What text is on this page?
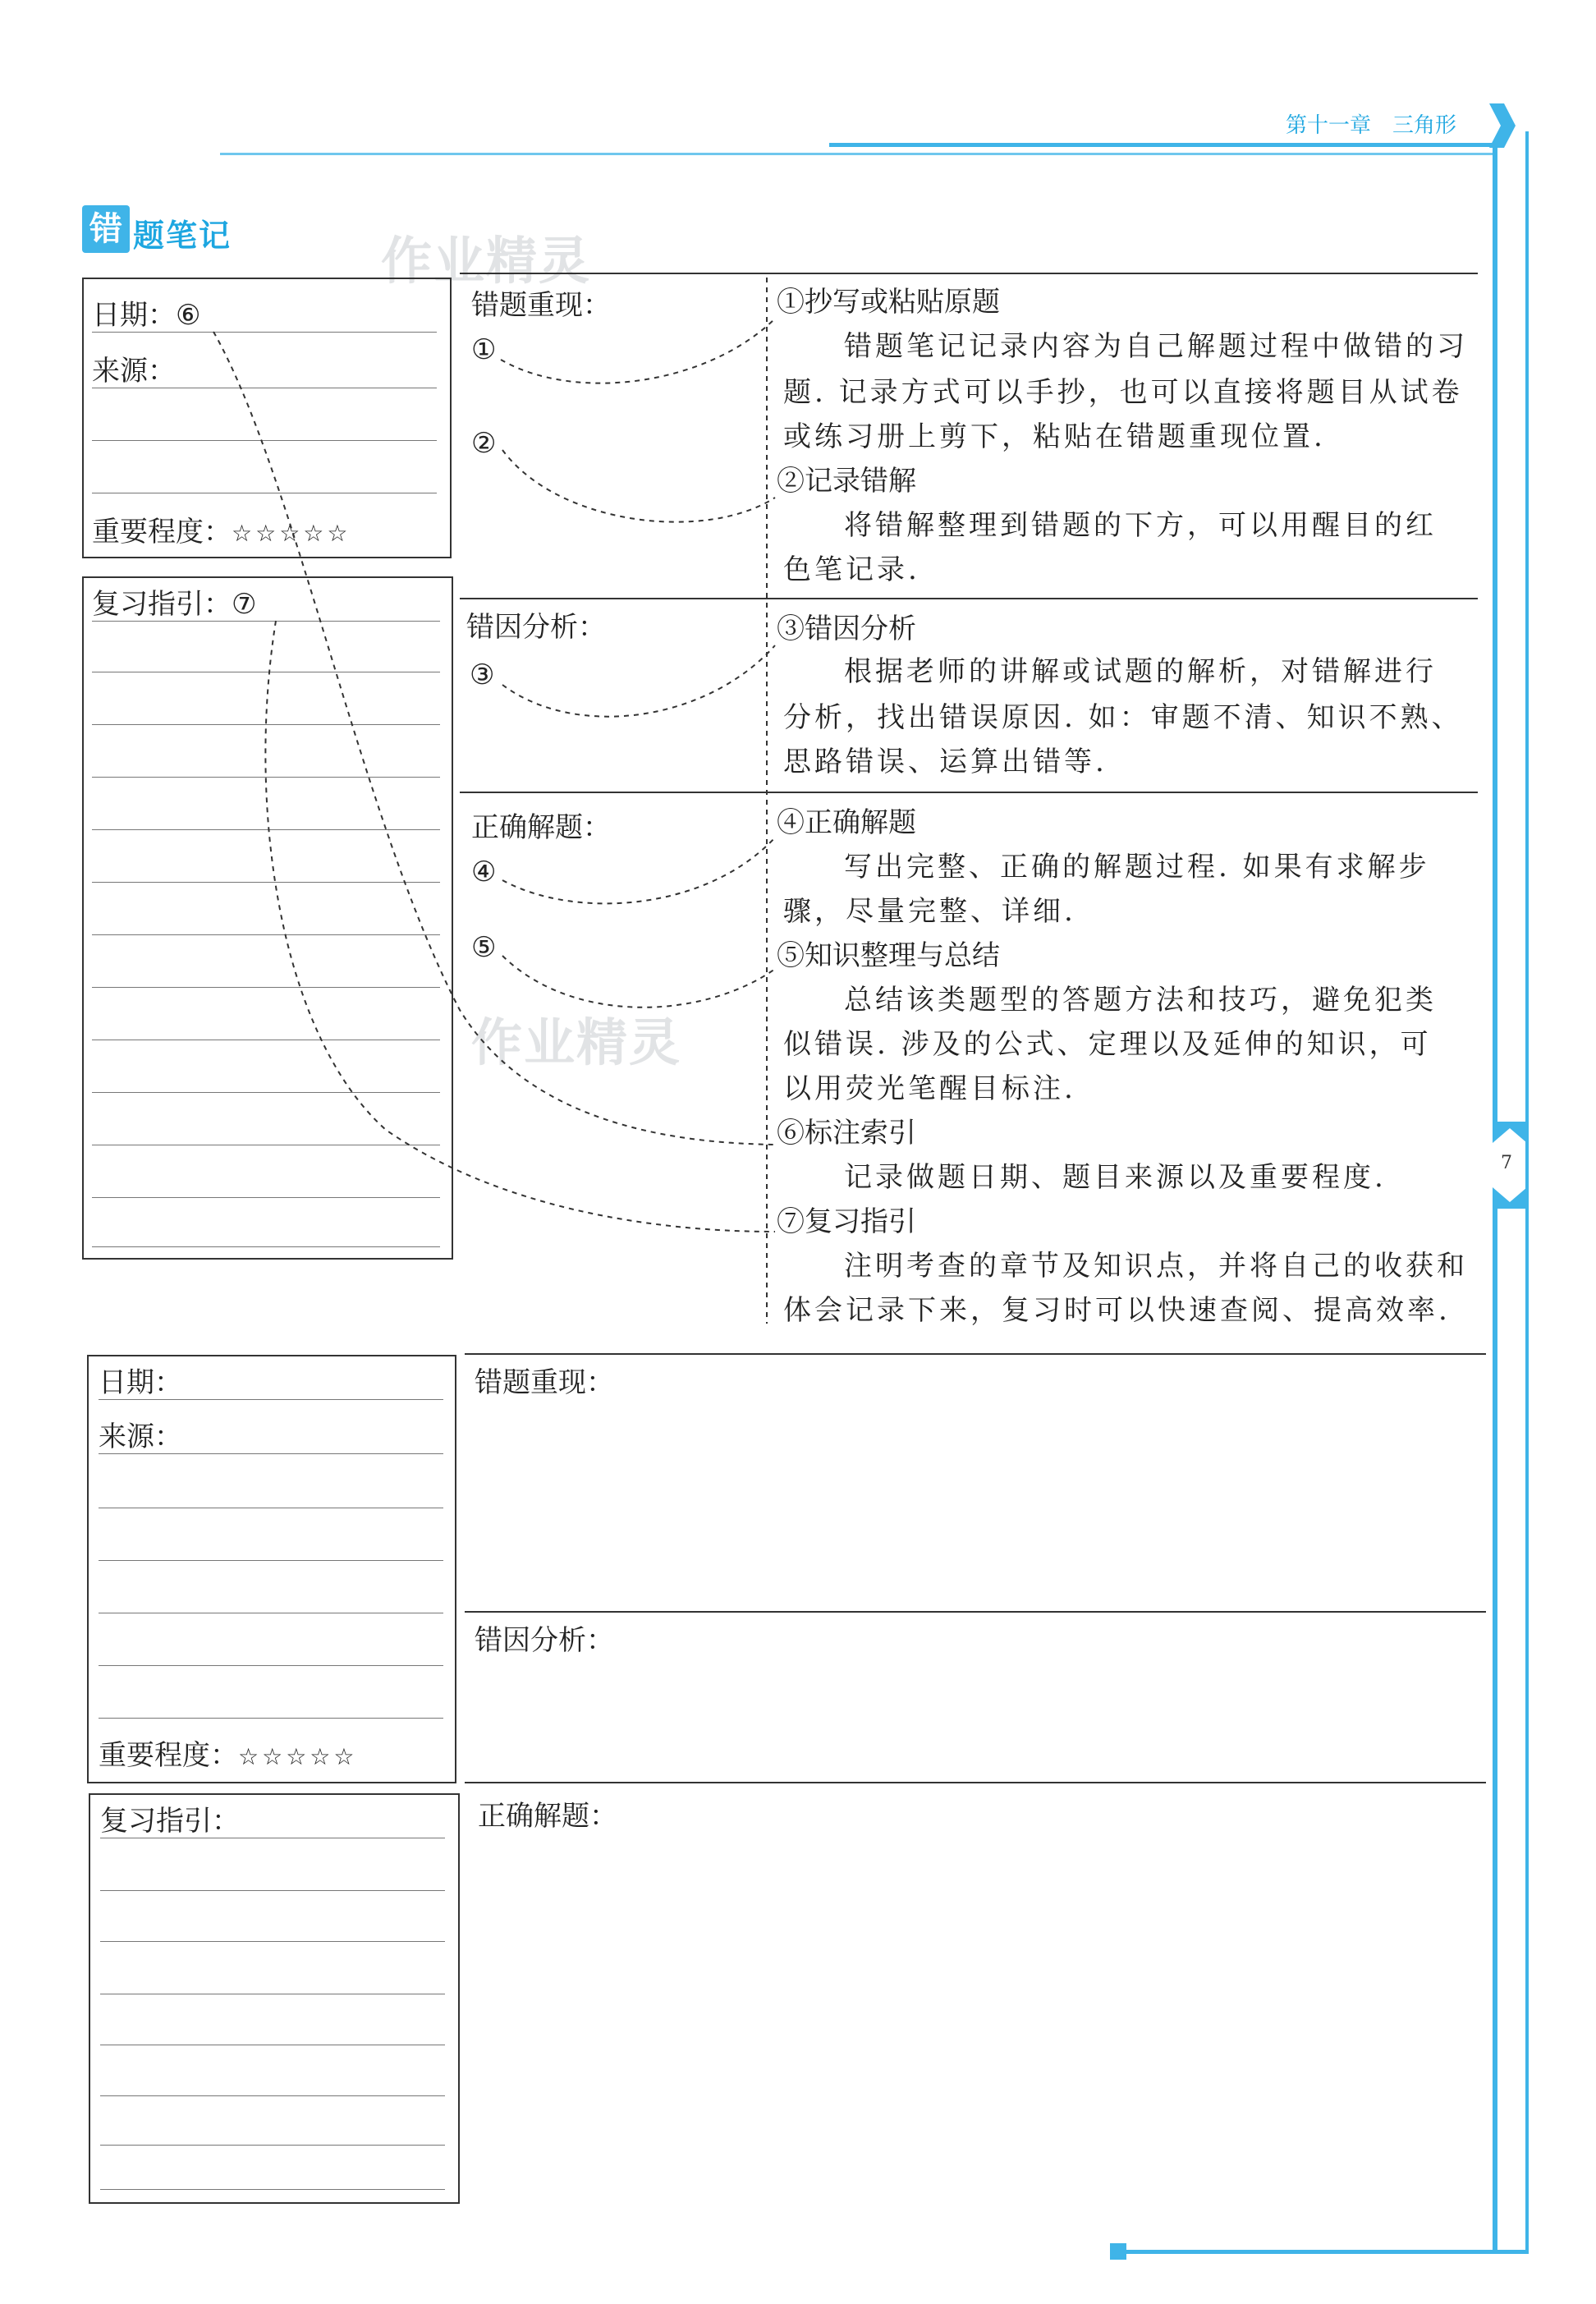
第十一章　 三角形
7
错 题笔记	作业精灵
作业精灵
日期：⑥
来源：
重要程度：☆☆☆☆☆
复习指引：⑦
错题重现：
①
②
错因分析：
③
正确解题：
④
⑤
①抄写或粘贴原题
错题笔记记录内容为自己解题过程中做错的习
题. 记录方式可以手抄，也可以直接将题目从试卷
或练习册上剪下，粘贴在错题重现位置.
②记录错解
将错解整理到错题的下方，可以用醒目的红
色笔记录.
③错因分析
根据老师的讲解或试题的解析，对错解进行
分析，找出错误原因. 如：审题不清、知识不熟、
思路错误、运算出错等.
④正确解题
写出完整、正确的解题过程. 如果有求解步
骤，尽量完整、详细.
⑤知识整理与总结
总结该类题型的答题方法和技巧，避免犯类
似错误. 涉及的公式、定理以及延伸的知识，可
以用荧光笔醒目标注.
⑥标注索引
记录做题日期、题目来源以及重要程度.
⑦复习指引
注明考查的章节及知识点，并将自己的收获和
体会记录下来，复习时可以快速查阅、提高效率.
日期：
来源：
重要程度：☆☆☆☆☆
复习指引：
错题重现：
错因分析：
正确解题：
